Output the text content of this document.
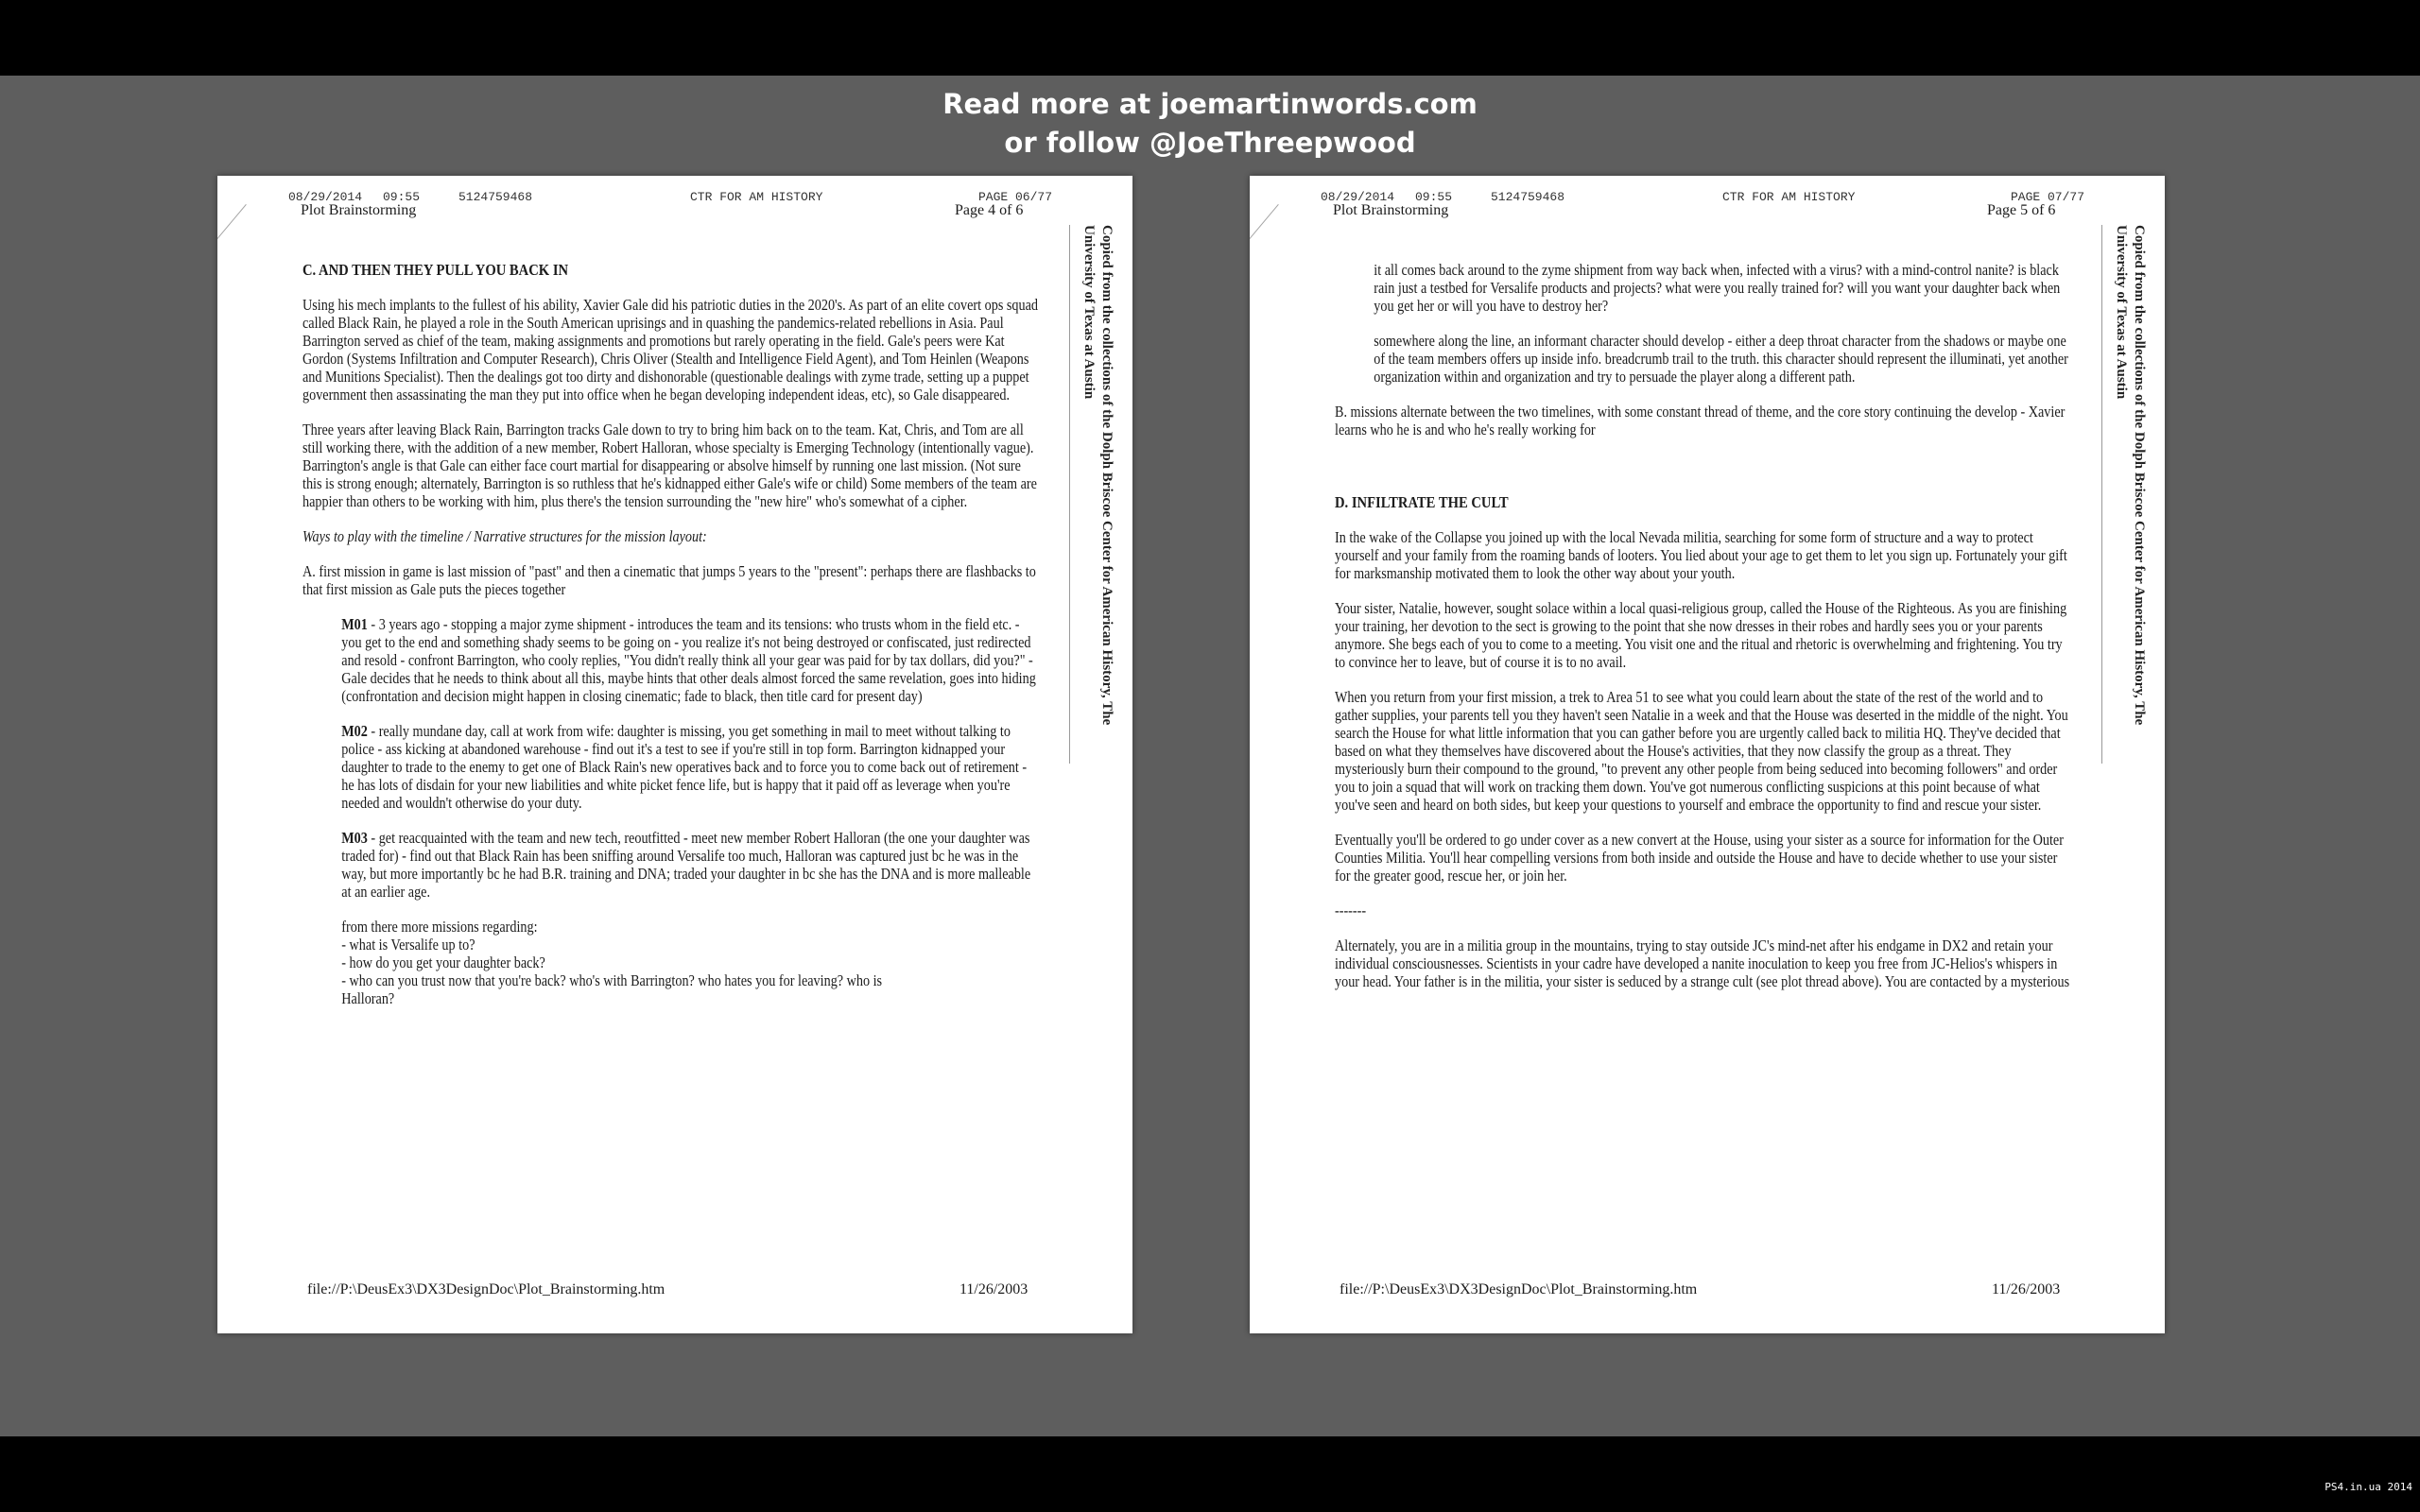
Read more at joemartinwords.com
or follow @JoeThreepwood
08/29/2014 09:55	5124759468	CTR FOR AM HISTORY	PAGE 06/77
Plot Brainstorming	Page 4 of 6
Copied from the collections of the Dolph Briscoe Center for American History, The University of Texas at Austin

C. AND THEN THEY PULL YOU BACK IN

Using his mech implants to the fullest of his ability, Xavier Gale did his patriotic duties in the 2020's. As part of an elite covert ops squad called Black Rain, he played a role in the South American uprisings and in quashing the pandemics-related rebellions in Asia. Paul Barrington served as chief of the team, making assignments and promotions but rarely operating in the field. Gale's peers were Kat Gordon (Systems Infiltration and Computer Research), Chris Oliver (Stealth and Intelligence Field Agent), and Tom Heinlen (Weapons and Munitions Specialist). Then the dealings got too dirty and dishonorable (questionable dealings with zyme trade, setting up a puppet government then assassinating the man they put into office when he began developing independent ideas, etc), so Gale disappeared.

Three years after leaving Black Rain, Barrington tracks Gale down to try to bring him back on to the team. Kat, Chris, and Tom are all still working there, with the addition of a new member, Robert Halloran, whose specialty is Emerging Technology (intentionally vague). Barrington's angle is that Gale can either face court martial for disappearing or absolve himself by running one last mission. (Not sure this is strong enough; alternately, Barrington is so ruthless that he's kidnapped either Gale's wife or child) Some members of the team are happier than others to be working with him, plus there's the tension surrounding the "new hire" who's somewhat of a cipher.

Ways to play with the timeline / Narrative structures for the mission layout:

A. first mission in game is last mission of "past" and then a cinematic that jumps 5 years to the "present": perhaps there are flashbacks to that first mission as Gale puts the pieces together

M01 - 3 years ago - stopping a major zyme shipment - introduces the team and its tensions: who trusts whom in the field etc. - you get to the end and something shady seems to be going on - you realize it's not being destroyed or confiscated, just redirected and resold - confront Barrington, who cooly replies, "You didn't really think all your gear was paid for by tax dollars, did you?" - Gale decides that he needs to think about all this, maybe hints that other deals almost forced the same revelation, goes into hiding (confrontation and decision might happen in closing cinematic; fade to black, then title card for present day)

M02 - really mundane day, call at work from wife: daughter is missing, you get something in mail to meet without talking to police - ass kicking at abandoned warehouse - find out it's a test to see if you're still in top form. Barrington kidnapped your daughter to trade to the enemy to get one of Black Rain's new operatives back and to force you to come back out of retirement - he has lots of disdain for your new liabilities and white picket fence life, but is happy that it paid off as leverage when you're needed and wouldn't otherwise do your duty.

M03 - get reacquainted with the team and new tech, reoutfitted - meet new member Robert Halloran (the one your daughter was traded for) - find out that Black Rain has been sniffing around Versalife too much, Halloran was captured just bc he was in the way, but more importantly bc he had B.R. training and DNA; traded your daughter in bc she has the DNA and is more malleable at an earlier age.

from there more missions regarding:

- what is Versalife up to?
- how do you get your daughter back?
- who can you trust now that you're back? who's with Barrington? who hates you for leaving? who is Halloran?
file://P:\DeusEx3\DX3DesignDoc\Plot_Brainstorming.htm	11/26/2003
08/29/2014 09:55	5124759468	CTR FOR AM HISTORY	PAGE 07/77
Plot Brainstorming	Page 5 of 6
Copied from the collections of the Dolph Briscoe Center for American History, The University of Texas at Austin

it all comes back around to the zyme shipment from way back when, infected with a virus? with a mind-control nanite? is black rain just a testbed for Versalife products and projects? what were you really trained for? will you want your daughter back when you get her or will you have to destroy her?

somewhere along the line, an informant character should develop - either a deep throat character from the shadows or maybe one of the team members offers up inside info. breadcrumb trail to the truth. this character should represent the illuminati, yet another organization within and organization and try to persuade the player along a different path.

B. missions alternate between the two timelines, with some constant thread of theme, and the core story continuing the develop - Xavier learns who he is and who he's really working for

D. INFILTRATE THE CULT

In the wake of the Collapse you joined up with the local Nevada militia, searching for some form of structure and a way to protect yourself and your family from the roaming bands of looters. You lied about your age to get them to let you sign up. Fortunately your gift for marksmanship motivated them to look the other way about your youth.

Your sister, Natalie, however, sought solace within a local quasi-religious group, called the House of the Righteous. As you are finishing your training, her devotion to the sect is growing to the point that she now dresses in their robes and hardly sees you or your parents anymore. She begs each of you to come to a meeting. You visit one and the ritual and rhetoric is overwhelming and frightening. You try to convince her to leave, but of course it is to no avail.

When you return from your first mission, a trek to Area 51 to see what you could learn about the state of the rest of the world and to gather supplies, your parents tell you they haven't seen Natalie in a week and that the House was deserted in the middle of the night. You search the House for what little information that you can gather before you are urgently called back to militia HQ. They've decided that based on what they themselves have discovered about the House's activities, that they now classify the group as a threat. They mysteriously burn their compound to the ground, "to prevent any other people from being seduced into becoming followers" and order you to join a squad that will work on tracking them down. You've got numerous conflicting suspicions at this point because of what you've seen and heard on both sides, but keep your questions to yourself and embrace the opportunity to find and rescue your sister.

Eventually you'll be ordered to go under cover as a new convert at the House, using your sister as a source for information for the Outer Counties Militia. You'll hear compelling versions from both inside and outside the House and have to decide whether to use your sister for the greater good, rescue her, or join her.

-------

Alternately, you are in a militia group in the mountains, trying to stay outside JC's mind-net after his endgame in DX2 and retain your individual consciousnesses. Scientists in your cadre have developed a nanite inoculation to keep you free from JC-Helios's whispers in your head. Your father is in the militia, your sister is seduced by a strange cult (see plot thread above). You are contacted by a mysterious

file://P:\DeusEx3\DX3DesignDoc\Plot_Brainstorming.htm	11/26/2003
PS4.in.ua 2014
